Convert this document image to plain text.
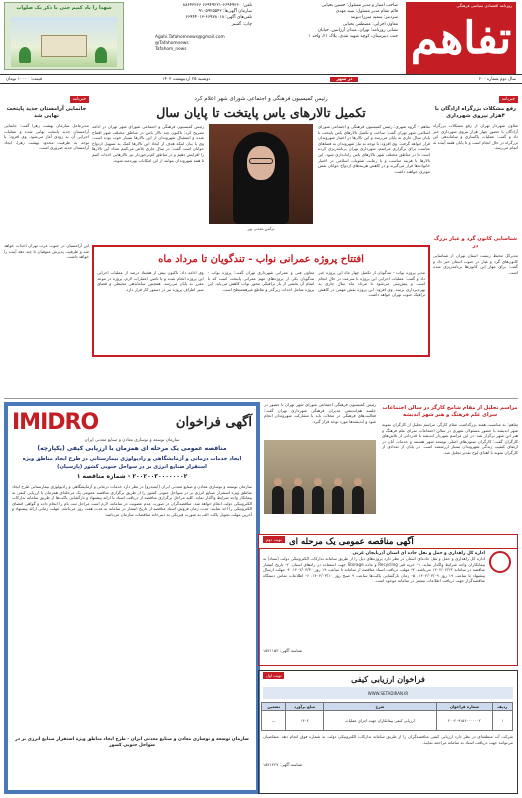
تفاهم
روزنامه اقتصادی سیاسی فرهنگی
صاحب امتیاز و مدیر مسئول: حسین یحیایی
قائم مقام مدیر مسئول: سید مهدی
سردبیر: سمیه میرزا دیوبند
معاون اجرایی: مصطفی یحیایی
نشانی روزنامه: تهران، میدان آرژانتین، خیابان
جنب دبیرستان، کوچه شهید نقدی، پلاک ۲۱، واحد ۱
تلفن: ۶۶۹۴۹۳۶۰-۶۶۹۴۹۲۲۱ ۸۸۶۴۳۳۶۶
سازمان آگهی‌ها: ۹۱۰۵۹۲۵۵۴۲
تلفن‌های آگهی: ۶۶۹۷۸۰۱۸-۶۶۹۴۴۰۱۳
چاپ: گستر
Agahi.Tafahomnews@gmail.com
@Tafahomnews
Tafahom_news
شهدا را یاد کنیم حتی با ذکر یک صلوات
سال دوم شماره ۶۰۰
در شهر
دوشنبه ۲۵ اردیبهشت ۱۴۰۲
قیمت: ۱۰۰۰۰ تومان
خبرنامه
رفع مشکلات بزرگراه ‌ازادگان با ۴هزار نیروی شهرداری
معاون شهردار تهران از رفع مشکلات بزرگراه آزادگان با حضور چهار هزار نیروی شهرداری خبر داد و گفت: عملیات پاکسازی و ساماندهی این بزرگراه در حال انجام است و تا پایان هفته آینده به اتمام می‌رسد.
شناسایی کانون گرد و غبار بزرگ در
مدیرکل محیط زیست استان تهران از شناسایی کانون‌های گرد و غبار در جنوب استان خبر داد و گفت: برای مهار این کانون‌ها برنامه‌ریزی شده است.
خبرنامه
جانمایی آرامستان جدید پایتخت نهایی شد
مدیرعامل سازمان بهشت زهرا گفت: جانمایی آرامستان جدید پایتخت نهایی شده و عملیات اجرایی آن به زودی آغاز می‌شود. وی افزود: با توجه به ظرفیت محدود بهشت زهرا، ایجاد آرامستان جدید ضروری است.
این آرامستان در جنوب غرب تهران احداث خواهد شد و ظرفیت پذیرش متوفیان تا چند دهه آینده را خواهد داشت.
رئیس کمیسیون فرهنگی و اجتماعی شورای شهر اعلام کرد
تکمیل تالارهای یاس پایتخت تا پایان سال
تفاهم - گروه شهری: رئیس کمیسیون فرهنگی و اجتماعی شورای اسلامی شهر تهران گفت: ساخت و تکمیل تالارهای یاس پایتخت تا پایان سال جاری به پایان می‌رسد و این تالارها در اختیار شهروندان قرار خواهد گرفت. وی افزود: با توجه به نیاز شهروندان به فضاهای مناسب برای برگزاری مراسم، شهرداری تهران برنامه‌ریزی کرده است تا در مناطق مختلف شهر تالارهای یاس راه‌اندازی شود. این تالارها با هزینه مناسب و با رعایت شئونات اسلامی در اختیار خانواده‌ها قرار می‌گیرند و در کاهش هزینه‌های ازدواج جوانان نقش موثری خواهند داشت.
نرگس معدنی پور
رئیس کمیسیون فرهنگی و اجتماعی شورای شهر تهران در ادامه تصریح کرد: تاکنون چند تالار یاس در مناطق مختلف شهر افتتاح شده و استقبال شهروندان از این تالارها بسیار خوب بوده است. وی با بیان اینکه هدف از ایجاد این تالارها کمک به تسهیل ازدواج جوانان است گفت: در سال جاری تلاش می‌کنیم تعداد این تالارها را افزایش دهیم و در مناطق کم‌برخوردار نیز تالارهایی احداث کنیم تا همه شهروندان بتوانند از این امکانات بهره‌مند شوند.
افتتاح پروژه عمرانی نواب - تندگویان تا مرداد ماه
مدیر پروژه نواب - تندگویان از تکمیل چهار ماه این پروژه خبر داد و گفت: عملیات اجرایی این پروژه با سرعت در حال انجام است و پیش‌بینی می‌شود تا مرداد ماه سال جاری به بهره‌برداری برسد. وی افزود: این پروژه نقش مهمی در کاهش ترافیک جنوب تهران خواهد داشت.
معاون فنی و عمرانی شهرداری تهران گفت: پروژه نواب - تندگویان یکی از پروژه‌های مهم عمرانی پایتخت است که با اتمام آن بخشی از بار ترافیکی محور نواب کاهش می‌یابد. این پروژه شامل احداث زیرگذر و تقاطع غیرهمسطح است.
وی ادامه داد: تاکنون بیش از هشتاد درصد از عملیات اجرایی این پروژه انجام شده و با تامین اعتبارات لازم، پروژه در موعد مقرر به پایان می‌رسد. همچنین ساماندهی محیطی و فضای سبز اطراف پروژه نیز در دستور کار قرار دارد.
آگهی فراخوان
IMIDRO
سازمان توسعه و نوسازی معادن و صنایع معدنی ایران
مناقصه عمومی یک مرحله ای همزمان با ارزیابی کیفی (یکپارچه)
ایجاد خدمات درمانی و آزمایشگاهی و رادیولوژی بیمارستانی در طرح ایجاد مناطق ویژه استقرار صنایع انرژی بر در سواحل جنوبی کشور (پارسیان)
۲۰۰۲۰۰۳۰۰۰۰۰۰۰۲ - شماره مناقصه ۱
سازمان توسعه و نوسازی معادن و صنایع معدنی ایران (ایمیدرو) در نظر دارد خدمات درمانی و آزمایشگاهی و رادیولوژی بیمارستانی طرح ایجاد مناطق ویژه استقرار صنایع انرژی بر در سواحل جنوبی کشور را از طریق برگزاری مناقصه عمومی یک مرحله‌ای همزمان با ارزیابی کیفی به پیمانکار واجد شرایط واگذار نماید. کلیه مراحل برگزاری مناقصه از دریافت اسناد تا ارائه پیشنهاد و بازگشایی پاکت‌ها از طریق سامانه تدارکات الکترونیکی دولت انجام خواهد شد. مناقصه‌گران در صورت عدم عضویت در سامانه، لازم است مراحل ثبت نام را انجام داده و گواهی امضای الکترونیکی را اخذ نمایند. مدت زمان فروش اسناد مناقصه از تاریخ انتشار در سامانه به مدت هفت روز می‌باشد. مهلت زمانی ارائه پیشنهاد و آخرین مهلت تحویل پاکت الف به صورت فیزیکی به دبیرخانه مناقصات سازمان می‌باشد.
سازمان توسعه و نوسازی معادن و صنایع معدنی ایران - طرح ایجاد مناطق ویژه استقرار صنایع انرژی بر در سواحل جنوبی کشور
رئیس کمیسیون فرهنگی اجتماعی شورای شهر تهران با حضور در جلسه هم‌اندیشی مدیران فرهنگی شهرداری تهران گفت: فعالیت‌های فرهنگی در محلات باید با مشارکت شهروندان انجام شود و اندیشه‌ها مورد توجه قرار گیرد.
مراسم تجلیل از مقام شامخ کارگر در سالن اجتماعات سرای علم فرهنگ و هنر شهر اندیشه
تفاهم: به مناسبت هفته بزرگداشت مقام کارگر، مراسم تجلیل از کارگران نمونه شهر اندیشه با حضور مسئولان شهری در سالن اجتماعات سرای علم فرهنگ و هنر این شهر برگزار شد. در این مراسم شهردار اندیشه با قدردانی از تلاش‌های کارگران گفت: کارگران ستون‌های اصلی توسعه شهر هستند و خدمات آنان در ارتقای کیفیت زندگی شهروندان بسیار ارزشمند است. در پایان از تعدادی از کارگران نمونه با اهدای لوح تقدیر تجلیل شد.
نوبت دوم آگهی مناقصه عمومی یک مرحله ای
اداره کل راهداری و حمل و نقل جاده ای استان آذربایجان غربی
اداره کل راهداری و حمل و نقل جاده‌ای استان در نظر دارد پروژه‌های ذیل را از طریق سامانه تدارکات الکترونیکی دولت (ستاد) به پیمانکاران واجد شرایط واگذار نماید. ۱- خرید قیر Recycling و ماده Storage جهت استفاده در راه‌های استان. ۲- تاریخ انتشار مناقصه در سامانه ۱۴۰۲/۰۲/۲۴ می‌باشد. ۳- مهلت دریافت اسناد مناقصه از سامانه تا ساعت ۱۹ روز ۱۴۰۲/۰۲/۳۰. ۴- مهلت ارسال پیشنهاد تا ساعت ۱۹ روز ۱۴۰۲/۰۳/۰۹. ۵- زمان بازگشایی پاکت‌ها ساعت ۹ صبح روز ۱۴۰۲/۰۳/۱۰. ۶- اطلاعات تماس دستگاه مناقصه‌گزار جهت دریافت اطلاعات بیشتر در سامانه موجود است.
شناسه آگهی: ۱۵۲۱۱۵۲
نوبت اول	فراخوان ارزیابی کیفی
WWW.SETADIRAN.IR
ردیف	شماره فراخوان	شرح	مبلغ برآورد	تضمین
۱	۲۰۰۲۰۹۱۵۶۰۰۰۰۰۰۲	ارزیابی کیفی پیمانکاران جهت اجرای عملیات	۱۴۰۲	---
شرکت آب منطقه‌ای در نظر دارد ارزیابی کیفی مناقصه‌گران را از طریق سامانه تدارکات الکترونیکی دولت به شماره فوق انجام دهد. متقاضیان می‌توانند جهت دریافت اسناد به سامانه مراجعه نمایند.
شناسه آگهی: ۱۵۲۱۴۲۷
